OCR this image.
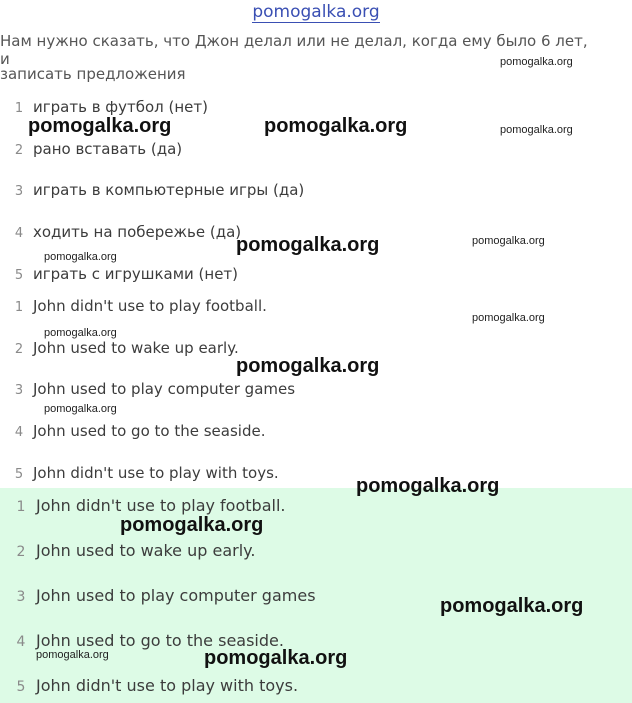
pomogalka.org
Нам нужно сказать, что Джон делал или не делал, когда ему было 6 лет, и
записать предложения
1 играть в футбол (нет)
2 рано вставать (да)
3 играть в компьютерные игры (да)
4 ходить на побережье (да)
5 играть с игрушками (нет)
1 John didn't use to play football.
2 John used to wake up early.
3 John used to play computer games
4 John used to go to the seaside.
5 John didn't use to play with toys.
1 John didn't use to play football.
2 John used to wake up early.
3 John used to play computer games
4 John used to go to the seaside.
5 John didn't use to play with toys.
pomogalka.org
pomogalka.org	pomogalka.org	pomogalka.org
pomogalka.org	pomogalka.org
pomogalka.org
pomogalka.org
pomogalka.org
pomogalka.org
pomogalka.org
pomogalka.org
pomogalka.org
pomogalka.org
pomogalka.org	pomogalka.org
